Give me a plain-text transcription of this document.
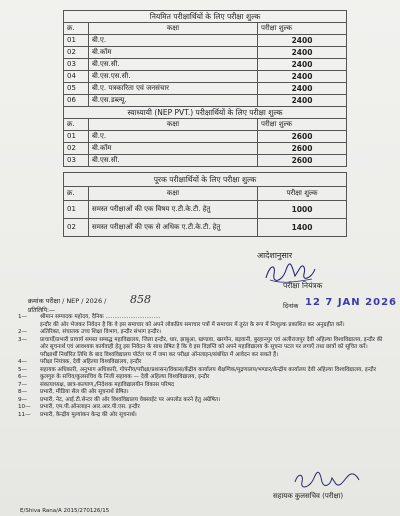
नियमित परीक्षार्थियों के लिए परीक्षा शुल्क		
क्र.	कक्षा	परीक्षा शुल्क
01	बी.ए.	2400
02	बी.कॉम	2400
03	बी.एस.सी.	2400
04	बी.एस.एस.सी.	2400
05	बी.ए. पत्रकारिता एवं जनसंचार	2400
06	बी.एस.डब्ल्यू.	2400
स्वाध्यायी (NEP PVT.) परीक्षार्थियों के लिए परीक्षा शुल्क		
क्र.	कक्षा	परीक्षा शुल्क
01	बी.ए.	2600
02	बी.कॉम	2600
03	बी.एस.सी.	2600
पूरक परीक्षार्थियों के लिए परीक्षा शुल्क		
क्र.	कक्षा	परीक्षा शुल्क
01	समस्त परीक्षाओं की एक विषय ए.टी.के.टी. हेतु	1000
02	समस्त परीक्षाओं की एक से अधिक ए.टी.के.टी. हेतु	1400
आदेशानुसार
परीक्षा नियंत्रक
क्रमांक परीक्षा / NEP / 2026 / 858
प्रतिलिपि:—
दिनांक 12 7 JAN 2026
1—	श्रीमान सम्पादक महोदय, दैनिक ...............................
इन्दौर की ओर भेजकर निवेदन है कि वे इस समाचार को अपने लोकप्रिय समाचार पत्रों में समाचार में तुरंत के रूप में निःशुल्क प्रकाशित कर अनुग्रहीत करें।
2—	अतिरिक्त, संचालक उच्च शिक्षा विभाग, इन्दौर संभाग इन्दौर।
3—	प्राचार्यों/प्रभारी प्राचार्य समस्त सम्बद्ध महाविद्यालय, जिला इन्दौर, धार, झाबुआ, खण्डवा, खरगोन, बड़वानी, बुरहानपुर एवं अलीराजपुर देवी अहिल्या विश्वविद्यालय, इन्दौर की ओर सूचनार्थ एवं आवश्यक कार्यवाही हेतु इस निवेदन के साथ प्रेषित है कि वे इस विज्ञप्ति को अपने महाविद्यालय के सूचना पटल पर लगाएँ तथा छात्रों को सूचित करें। परीक्षार्थी निर्धारित तिथि के बाद विश्वविद्यालय पोर्टल पर में जमा कर परीक्षा ऑनलाइन/संबंधित में आवेदन कर सकते हैं।
4—	परीक्षा नियंत्रक, देवी अहिल्या विश्वविद्यालय, इन्दौर
5—	सहायक अधिकारी, अनुभाग अधिकारी, गोपनीय/परीक्षा/प्रशासन/विकास/केंद्रीय कार्यालय शैक्षणिक/मुद्रणालय/भण्डार/केन्द्रीय कार्यालय देवी अहिल्या विश्वविद्यालय, इन्दौर
6—	कुलगुरु के सचिव/कुलसचिव के निजी सहायक — देवी अहिल्या विश्वविद्यालय, इन्दौर
7—	संकायाध्यक्ष, छात्र-कल्याण,/निदेशक महाविद्यालयीन विकास परिषद
8—	प्रभारी, मीडिया सेल की ओर सूचनार्थ प्रेषित।
9—	प्रभारी, नेट, आई.टी.सेन्टर की ओर विश्वविद्यालय वेबसाईट पर अपलोड करने हेतु अग्रेषित।
10—	प्रभारी, एम.पी.ऑनलाइन आर.आर.पी.एस. इन्दौर
11—	प्रभारी, केन्द्रीय मूल्यांकन केन्द्र की ओर सूचनार्थ।
सहायक कुलसचिव (परीक्षा)
E/Shiva Rana/A 2015/270126/15
